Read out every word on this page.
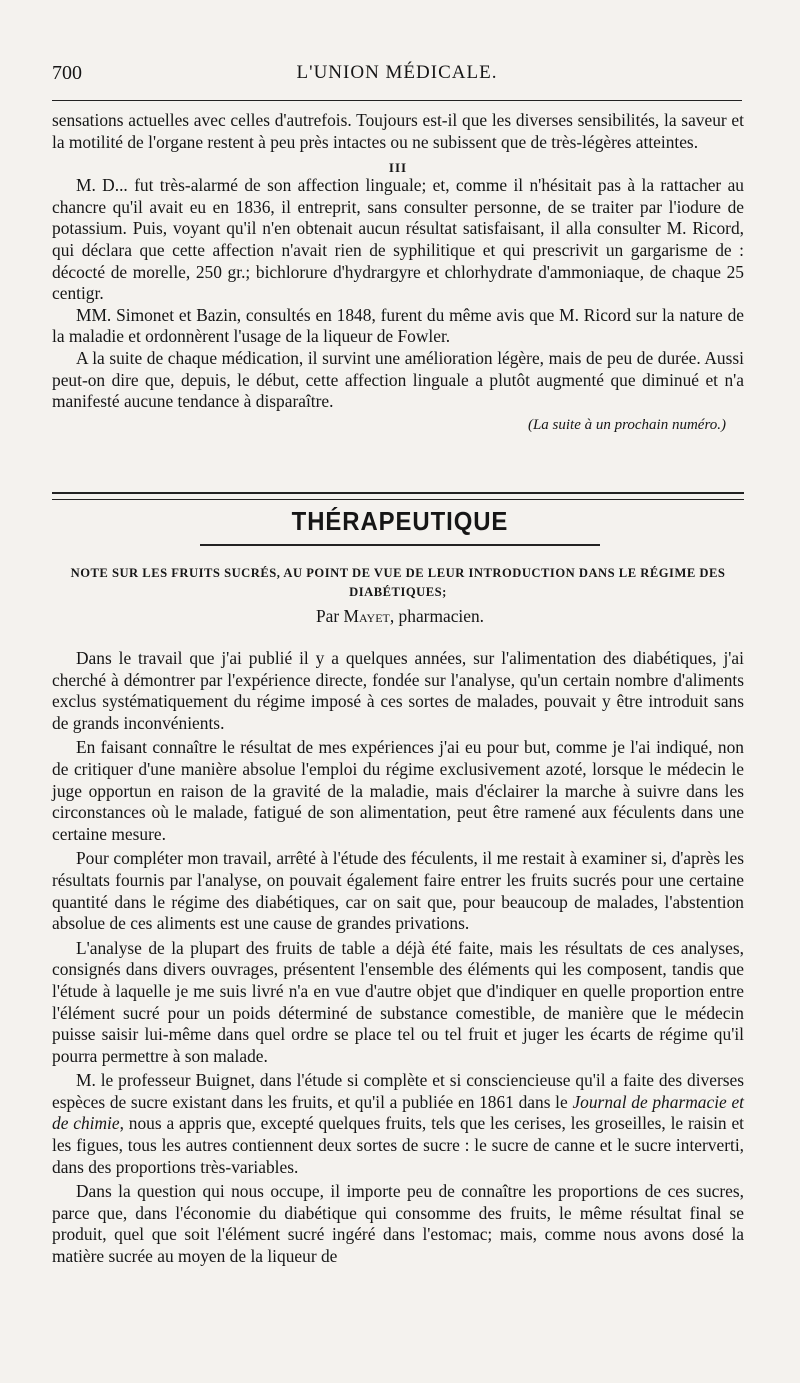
700	L'UNION MÉDICALE.

sensations actuelles avec celles d'autrefois. Toujours est-il que les diverses sensibilités, la saveur et la motilité de l'organe restent à peu près intactes ou ne subissent que de très-légères atteintes.

III

M. D... fut très-alarmé de son affection linguale; et, comme il n'hésitait pas à la rattacher au chancre qu'il avait eu en 1836, il entreprit, sans consulter personne, de se traiter par l'iodure de potassium. Puis, voyant qu'il n'en obtenait aucun résultat satisfaisant, il alla consulter M. Ricord, qui déclara que cette affection n'avait rien de syphilitique et qui prescrivit un gargarisme de : décocté de morelle, 250 gr.; bichlorure d'hydrargyre et chlorhydrate d'ammoniaque, de chaque 25 centigr.

MM. Simonet et Bazin, consultés en 1848, furent du même avis que M. Ricord sur la nature de la maladie et ordonnèrent l'usage de la liqueur de Fowler.

A la suite de chaque médication, il survint une amélioration légère, mais de peu de durée. Aussi peut-on dire que, depuis, le début, cette affection linguale a plutôt augmenté que diminué et n'a manifesté aucune tendance à disparaître.

(La suite à un prochain numéro.)
THÉRAPEUTIQUE
NOTE SUR LES FRUITS SUCRÉS, AU POINT DE VUE DE LEUR INTRODUCTION DANS LE RÉGIME DES DIABÉTIQUES;
Par Mayet, pharmacien.

Dans le travail que j'ai publié il y a quelques années, sur l'alimentation des diabétiques, j'ai cherché à démontrer par l'expérience directe, fondée sur l'analyse, qu'un certain nombre d'aliments exclus systématiquement du régime imposé à ces sortes de malades, pouvait y être introduit sans de grands inconvénients.

En faisant connaître le résultat de mes expériences j'ai eu pour but, comme je l'ai indiqué, non de critiquer d'une manière absolue l'emploi du régime exclusivement azoté, lorsque le médecin le juge opportun en raison de la gravité de la maladie, mais d'éclairer la marche à suivre dans les circonstances où le malade, fatigué de son alimentation, peut être ramené aux féculents dans une certaine mesure.

Pour compléter mon travail, arrêté à l'étude des féculents, il me restait à examiner si, d'après les résultats fournis par l'analyse, on pouvait également faire entrer les fruits sucrés pour une certaine quantité dans le régime des diabétiques, car on sait que, pour beaucoup de malades, l'abstention absolue de ces aliments est une cause de grandes privations.

L'analyse de la plupart des fruits de table a déjà été faite, mais les résultats de ces analyses, consignés dans divers ouvrages, présentent l'ensemble des éléments qui les composent, tandis que l'étude à laquelle je me suis livré n'a en vue d'autre objet que d'indiquer en quelle proportion entre l'élément sucré pour un poids déterminé de substance comestible, de manière que le médecin puisse saisir lui-même dans quel ordre se place tel ou tel fruit et juger les écarts de régime qu'il pourra permettre à son malade.

M. le professeur Buignet, dans l'étude si complète et si consciencieuse qu'il a faite des diverses espèces de sucre existant dans les fruits, et qu'il a publiée en 1861 dans le Journal de pharmacie et de chimie, nous a appris que, excepté quelques fruits, tels que les cerises, les groseilles, le raisin et les figues, tous les autres contiennent deux sortes de sucre : le sucre de canne et le sucre interverti, dans des proportions très-variables.

Dans la question qui nous occupe, il importe peu de connaître les proportions de ces sucres, parce que, dans l'économie du diabétique qui consomme des fruits, le même résultat final se produit, quel que soit l'élément sucré ingéré dans l'estomac; mais, comme nous avons dosé la matière sucrée au moyen de la liqueur de
